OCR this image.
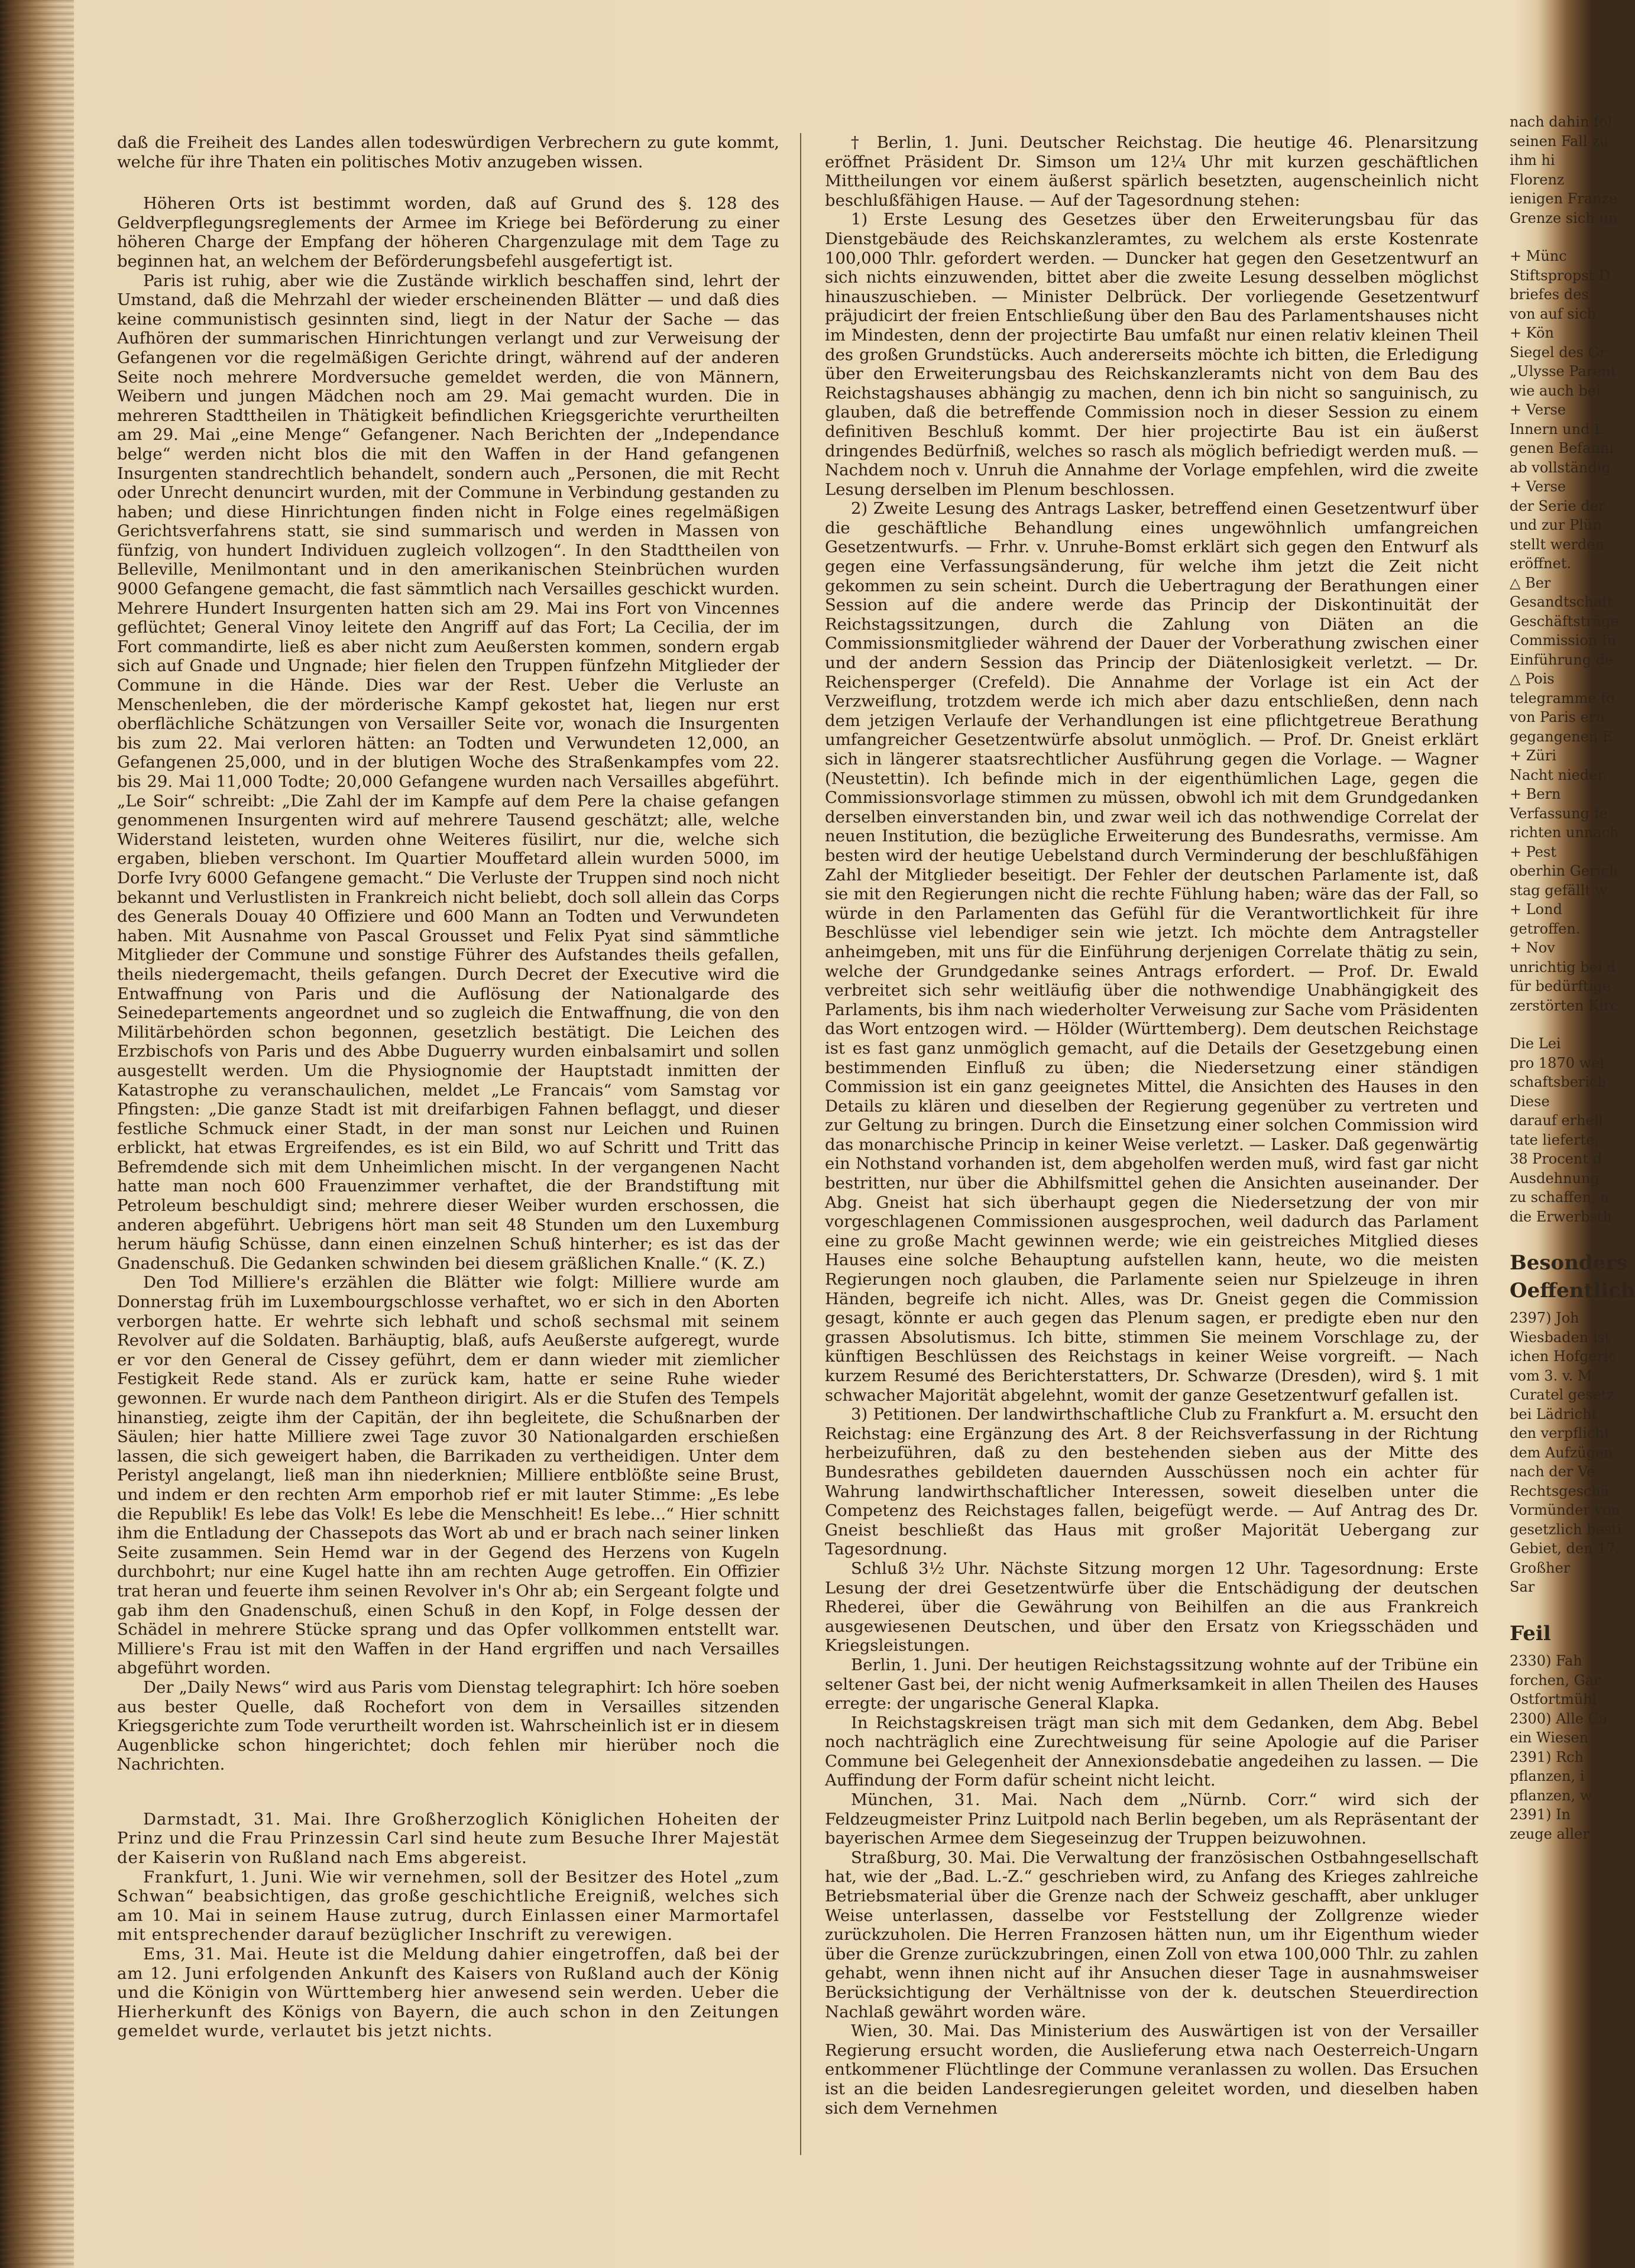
daß die Freiheit des Landes allen todeswürdigen Verbrechern zu gute kommt, welche für ihre Thaten ein politisches Motiv anzugeben wissen.

Höheren Orts ist bestimmt worden, daß auf Grund des §. 128 des Geldverpflegungsreglements der Armee im Kriege bei Beförderung zu einer höheren Charge der Empfang der höheren Chargenzulage mit dem Tage zu beginnen hat, an welchem der Beförderungsbefehl ausgefertigt ist.

Paris ist ruhig, aber wie die Zustände wirklich beschaffen sind, lehrt der Umstand, daß die Mehrzahl der wieder erscheinenden Blätter — und daß dies keine communistisch gesinnten sind, liegt in der Natur der Sache — das Aufhören der summarischen Hinrichtungen verlangt und zur Verweisung der Gefangenen vor die regelmäßigen Gerichte dringt, während auf der anderen Seite noch mehrere Mordversuche gemeldet werden, die von Männern, Weibern und jungen Mädchen noch am 29. Mai gemacht wurden. Die in mehreren Stadttheilen in Thätigkeit befindlichen Kriegsgerichte verurtheilten am 29. Mai „eine Menge“ Gefangener. Nach Berichten der „Independance belge“ werden nicht blos die mit den Waffen in der Hand gefangenen Insurgenten standrechtlich behandelt, sondern auch „Personen, die mit Recht oder Unrecht denuncirt wurden, mit der Commune in Verbindung gestanden zu haben; und diese Hinrichtungen finden nicht in Folge eines regelmäßigen Gerichtsverfahrens statt, sie sind summarisch und werden in Massen von fünfzig, von hundert Individuen zugleich vollzogen“. In den Stadttheilen von Belleville, Menilmontant und in den amerikanischen Steinbrüchen wurden 9000 Gefangene gemacht, die fast sämmtlich nach Versailles geschickt wurden. Mehrere Hundert Insurgenten hatten sich am 29. Mai ins Fort von Vincennes geflüchtet; General Vinoy leitete den Angriff auf das Fort; La Cecilia, der im Fort commandirte, ließ es aber nicht zum Aeußersten kommen, sondern ergab sich auf Gnade und Ungnade; hier fielen den Truppen fünfzehn Mitglieder der Commune in die Hände. Dies war der Rest. Ueber die Verluste an Menschenleben, die der mörderische Kampf gekostet hat, liegen nur erst oberflächliche Schätzungen von Versailler Seite vor, wonach die Insurgenten bis zum 22. Mai verloren hätten: an Todten und Verwundeten 12,000, an Gefangenen 25,000, und in der blutigen Woche des Straßenkampfes vom 22. bis 29. Mai 11,000 Todte; 20,000 Gefangene wurden nach Versailles abgeführt. „Le Soir“ schreibt: „Die Zahl der im Kampfe auf dem Pere la chaise gefangen genommenen Insurgenten wird auf mehrere Tausend geschätzt; alle, welche Widerstand leisteten, wurden ohne Weiteres füsilirt, nur die, welche sich ergaben, blieben verschont. Im Quartier Mouffetard allein wurden 5000, im Dorfe Ivry 6000 Gefangene gemacht.“ Die Verluste der Truppen sind noch nicht bekannt und Verlustlisten in Frankreich nicht beliebt, doch soll allein das Corps des Generals Douay 40 Offiziere und 600 Mann an Todten und Verwundeten haben. Mit Ausnahme von Pascal Grousset und Felix Pyat sind sämmtliche Mitglieder der Commune und sonstige Führer des Aufstandes theils gefallen, theils niedergemacht, theils gefangen. Durch Decret der Executive wird die Entwaffnung von Paris und die Auflösung der Nationalgarde des Seinedepartements angeordnet und so zugleich die Entwaffnung, die von den Militärbehörden schon begonnen, gesetzlich bestätigt. Die Leichen des Erzbischofs von Paris und des Abbe Duguerry wurden einbalsamirt und sollen ausgestellt werden. Um die Physiognomie der Hauptstadt inmitten der Katastrophe zu veranschaulichen, meldet „Le Francais“ vom Samstag vor Pfingsten: „Die ganze Stadt ist mit dreifarbigen Fahnen beflaggt, und dieser festliche Schmuck einer Stadt, in der man sonst nur Leichen und Ruinen erblickt, hat etwas Ergreifendes, es ist ein Bild, wo auf Schritt und Tritt das Befremdende sich mit dem Unheimlichen mischt. In der vergangenen Nacht hatte man noch 600 Frauenzimmer verhaftet, die der Brandstiftung mit Petroleum beschuldigt sind; mehrere dieser Weiber wurden erschossen, die anderen abgeführt. Uebrigens hört man seit 48 Stunden um den Luxemburg herum häufig Schüsse, dann einen einzelnen Schuß hinterher; es ist das der Gnadenschuß. Die Gedanken schwinden bei diesem gräßlichen Knalle.“ (K. Z.)

Den Tod Milliere's erzählen die Blätter wie folgt: Milliere wurde am Donnerstag früh im Luxembourgschlosse verhaftet, wo er sich in den Aborten verborgen hatte. Er wehrte sich lebhaft und schoß sechsmal mit seinem Revolver auf die Soldaten. Barhäuptig, blaß, aufs Aeußerste aufgeregt, wurde er vor den General de Cissey geführt, dem er dann wieder mit ziemlicher Festigkeit Rede stand. Als er zurück kam, hatte er seine Ruhe wieder gewonnen. Er wurde nach dem Pantheon dirigirt. Als er die Stufen des Tempels hinanstieg, zeigte ihm der Capitän, der ihn begleitete, die Schußnarben der Säulen; hier hatte Milliere zwei Tage zuvor 30 Nationalgarden erschießen lassen, die sich geweigert haben, die Barrikaden zu vertheidigen. Unter dem Peristyl angelangt, ließ man ihn niederknien; Milliere entblößte seine Brust, und indem er den rechten Arm emporhob rief er mit lauter Stimme: „Es lebe die Republik! Es lebe das Volk! Es lebe die Menschheit! Es lebe...“ Hier schnitt ihm die Entladung der Chassepots das Wort ab und er brach nach seiner linken Seite zusammen. Sein Hemd war in der Gegend des Herzens von Kugeln durchbohrt; nur eine Kugel hatte ihn am rechten Auge getroffen. Ein Offizier trat heran und feuerte ihm seinen Revolver in's Ohr ab; ein Sergeant folgte und gab ihm den Gnadenschuß, einen Schuß in den Kopf, in Folge dessen der Schädel in mehrere Stücke sprang und das Opfer vollkommen entstellt war. Milliere's Frau ist mit den Waffen in der Hand ergriffen und nach Versailles abgeführt worden.

Der „Daily News“ wird aus Paris vom Dienstag telegraphirt: Ich höre soeben aus bester Quelle, daß Rochefort von dem in Versailles sitzenden Kriegsgerichte zum Tode verurtheilt worden ist. Wahrscheinlich ist er in diesem Augenblicke schon hingerichtet; doch fehlen mir hierüber noch die Nachrichten.

Darmstadt, 31. Mai. Ihre Großherzoglich Königlichen Hoheiten der Prinz und die Frau Prinzessin Carl sind heute zum Besuche Ihrer Majestät der Kaiserin von Rußland nach Ems abgereist.

Frankfurt, 1. Juni. Wie wir vernehmen, soll der Besitzer des Hotel „zum Schwan“ beabsichtigen, das große geschichtliche Ereigniß, welches sich am 10. Mai in seinem Hause zutrug, durch Einlassen einer Marmortafel mit entsprechender darauf bezüglicher Inschrift zu verewigen.

Ems, 31. Mai. Heute ist die Meldung dahier eingetroffen, daß bei der am 12. Juni erfolgenden Ankunft des Kaisers von Rußland auch der König und die Königin von Württemberg hier anwesend sein werden. Ueber die Hierherkunft des Königs von Bayern, die auch schon in den Zeitungen gemeldet wurde, verlautet bis jetzt nichts.

† Berlin, 1. Juni. Deutscher Reichstag. Die heutige 46. Plenarsitzung eröffnet Präsident Dr. Simson um 12¼ Uhr mit kurzen geschäftlichen Mittheilungen vor einem äußerst spärlich besetzten, augenscheinlich nicht beschlußfähigen Hause. — Auf der Tagesordnung stehen:

1) Erste Lesung des Gesetzes über den Erweiterungsbau für das Dienstgebäude des Reichskanzleramtes, zu welchem als erste Kostenrate 100,000 Thlr. gefordert werden. — Duncker hat gegen den Gesetzentwurf an sich nichts einzuwenden, bittet aber die zweite Lesung desselben möglichst hinauszuschieben. — Minister Delbrück. Der vorliegende Gesetzentwurf präjudicirt der freien Entschließung über den Bau des Parlamentshauses nicht im Mindesten, denn der projectirte Bau umfaßt nur einen relativ kleinen Theil des großen Grundstücks. Auch andererseits möchte ich bitten, die Erledigung über den Erweiterungsbau des Reichskanzleramts nicht von dem Bau des Reichstagshauses abhängig zu machen, denn ich bin nicht so sanguinisch, zu glauben, daß die betreffende Commission noch in dieser Session zu einem definitiven Beschluß kommt. Der hier projectirte Bau ist ein äußerst dringendes Bedürfniß, welches so rasch als möglich befriedigt werden muß. — Nachdem noch v. Unruh die Annahme der Vorlage empfehlen, wird die zweite Lesung derselben im Plenum beschlossen.

2) Zweite Lesung des Antrags Lasker, betreffend einen Gesetzentwurf über die geschäftliche Behandlung eines ungewöhnlich umfangreichen Gesetzentwurfs. — Frhr. v. Unruhe-Bomst erklärt sich gegen den Entwurf als gegen eine Verfassungsänderung, für welche ihm jetzt die Zeit nicht gekommen zu sein scheint. Durch die Uebertragung der Berathungen einer Session auf die andere werde das Princip der Diskontinuität der Reichstagssitzungen, durch die Zahlung von Diäten an die Commissionsmitglieder während der Dauer der Vorberathung zwischen einer und der andern Session das Princip der Diätenlosigkeit verletzt. — Dr. Reichensperger (Crefeld). Die Annahme der Vorlage ist ein Act der Verzweiflung, trotzdem werde ich mich aber dazu entschließen, denn nach dem jetzigen Verlaufe der Verhandlungen ist eine pflichtgetreue Berathung umfangreicher Gesetzentwürfe absolut unmöglich. — Prof. Dr. Gneist erklärt sich in längerer staatsrechtlicher Ausführung gegen die Vorlage. — Wagner (Neustettin). Ich befinde mich in der eigenthümlichen Lage, gegen die Commissionsvorlage stimmen zu müssen, obwohl ich mit dem Grundgedanken derselben einverstanden bin, und zwar weil ich das nothwendige Correlat der neuen Institution, die bezügliche Erweiterung des Bundesraths, vermisse. Am besten wird der heutige Uebelstand durch Verminderung der beschlußfähigen Zahl der Mitglieder beseitigt. Der Fehler der deutschen Parlamente ist, daß sie mit den Regierungen nicht die rechte Fühlung haben; wäre das der Fall, so würde in den Parlamenten das Gefühl für die Verantwortlichkeit für ihre Beschlüsse viel lebendiger sein wie jetzt. Ich möchte dem Antragsteller anheimgeben, mit uns für die Einführung derjenigen Correlate thätig zu sein, welche der Grundgedanke seines Antrags erfordert. — Prof. Dr. Ewald verbreitet sich sehr weitläufig über die nothwendige Unabhängigkeit des Parlaments, bis ihm nach wiederholter Verweisung zur Sache vom Präsidenten das Wort entzogen wird. — Hölder (Württemberg). Dem deutschen Reichstage ist es fast ganz unmöglich gemacht, auf die Details der Gesetzgebung einen bestimmenden Einfluß zu üben; die Niedersetzung einer ständigen Commission ist ein ganz geeignetes Mittel, die Ansichten des Hauses in den Details zu klären und dieselben der Regierung gegenüber zu vertreten und zur Geltung zu bringen. Durch die Einsetzung einer solchen Commission wird das monarchische Princip in keiner Weise verletzt. — Lasker. Daß gegenwärtig ein Nothstand vorhanden ist, dem abgeholfen werden muß, wird fast gar nicht bestritten, nur über die Abhilfsmittel gehen die Ansichten auseinander. Der Abg. Gneist hat sich überhaupt gegen die Niedersetzung der von mir vorgeschlagenen Commissionen ausgesprochen, weil dadurch das Parlament eine zu große Macht gewinnen werde; wie ein geistreiches Mitglied dieses Hauses eine solche Behauptung aufstellen kann, heute, wo die meisten Regierungen noch glauben, die Parlamente seien nur Spielzeuge in ihren Händen, begreife ich nicht. Alles, was Dr. Gneist gegen die Commission gesagt, könnte er auch gegen das Plenum sagen, er predigte eben nur den grassen Absolutismus. Ich bitte, stimmen Sie meinem Vorschlage zu, der künftigen Beschlüssen des Reichstags in keiner Weise vorgreift. — Nach kurzem Resumé des Berichterstatters, Dr. Schwarze (Dresden), wird §. 1 mit schwacher Majorität abgelehnt, womit der ganze Gesetzentwurf gefallen ist.

3) Petitionen. Der landwirthschaftliche Club zu Frankfurt a. M. ersucht den Reichstag: eine Ergänzung des Art. 8 der Reichsverfassung in der Richtung herbeizuführen, daß zu den bestehenden sieben aus der Mitte des Bundesrathes gebildeten dauernden Ausschüssen noch ein achter für Wahrung landwirthschaftlicher Interessen, soweit dieselben unter die Competenz des Reichstages fallen, beigefügt werde. — Auf Antrag des Dr. Gneist beschließt das Haus mit großer Majorität Uebergang zur Tagesordnung.

Schluß 3½ Uhr. Nächste Sitzung morgen 12 Uhr. Tagesordnung: Erste Lesung der drei Gesetzentwürfe über die Entschädigung der deutschen Rhederei, über die Gewährung von Beihilfen an die aus Frankreich ausgewiesenen Deutschen, und über den Ersatz von Kriegsschäden und Kriegsleistungen.

Berlin, 1. Juni. Der heutigen Reichstagssitzung wohnte auf der Tribüne ein seltener Gast bei, der nicht wenig Aufmerksamkeit in allen Theilen des Hauses erregte: der ungarische General Klapka.

In Reichstagskreisen trägt man sich mit dem Gedanken, dem Abg. Bebel noch nachträglich eine Zurechtweisung für seine Apologie auf die Pariser Commune bei Gelegenheit der Annexionsdebatie angedeihen zu lassen. — Die Auffindung der Form dafür scheint nicht leicht.

München, 31. Mai. Nach dem „Nürnb. Corr.“ wird sich der Feldzeugmeister Prinz Luitpold nach Berlin begeben, um als Repräsentant der bayerischen Armee dem Siegeseinzug der Truppen beizuwohnen.

Straßburg, 30. Mai. Die Verwaltung der französischen Ostbahngesellschaft hat, wie der „Bad. L.-Z.“ geschrieben wird, zu Anfang des Krieges zahlreiche Betriebsmaterial über die Grenze nach der Schweiz geschafft, aber unkluger Weise unterlassen, dasselbe vor Feststellung der Zollgrenze wieder zurückzuholen. Die Herren Franzosen hätten nun, um ihr Eigenthum wieder über die Grenze zurückzubringen, einen Zoll von etwa 100,000 Thlr. zu zahlen gehabt, wenn ihnen nicht auf ihr Ansuchen dieser Tage in ausnahmsweiser Berücksichtigung der Verhältnisse von der k. deutschen Steuerdirection Nachlaß gewährt worden wäre.

Wien, 30. Mai. Das Ministerium des Auswärtigen ist von der Versailler Regierung ersucht worden, die Auslieferung etwa nach Oesterreich-Ungarn entkommener Flüchtlinge der Commune veranlassen zu wollen. Das Ersuchen ist an die beiden Landesregierungen geleitet worden, und dieselben haben sich dem Vernehmen

nach dahin fol
seinen Fall zu
ihm hi
Florenz
ienigen Franze
Grenze sich un
+ Münc
Stiftspropst D
briefes des
von auf sich
+ Kön
Siegel des Gr
„Ulysse Parent
wie auch bei
+ Verse
Innern und L
genen Befanni
ab vollständig
+ Verse
der Serie der
und zur Plün
stellt werden.
eröffnet.
△ Ber
Gesandtschaft
Geschäftsträge
Commission fü
Einführung de
△ Pois
telegramme fo
von Paris ern
gegangenen E
+ Züri
Nacht nieder.
+ Bern
Verfassung fe
richten unnach
+ Pest
oberhin Gerich
stag gefällt w
+ Lond
getroffen.
+ Nov
unrichtig bei d
für bedürftige
zerstörten Kirc
Die Lei
pro 1870 wel
schaftsberich
Diese
darauf erhell
tate lieferte,
38 Procent d
Ausdehnung
zu schaffen, u
die Erwerbsth
Besonders
Oeffentlich
2397) Joh
Wiesbaden ist
ichen Hofgeric
vom 3. v. M
Curatel gesetz
bei Lädricht
den verpflicht
dem Aufzügen
nach der Ve
Rechtsgeschä
Vormünder von
gesetzlich besti
Gebiet, den 17.
Großher
Sar
Feil
2330) Fah
forchen, Gar
Ostfortmühl
2300) Alle Ca
ein Wiesen
2391) Rch
pflanzen, i
pflanzen, w
2391) In
zeuge aller
